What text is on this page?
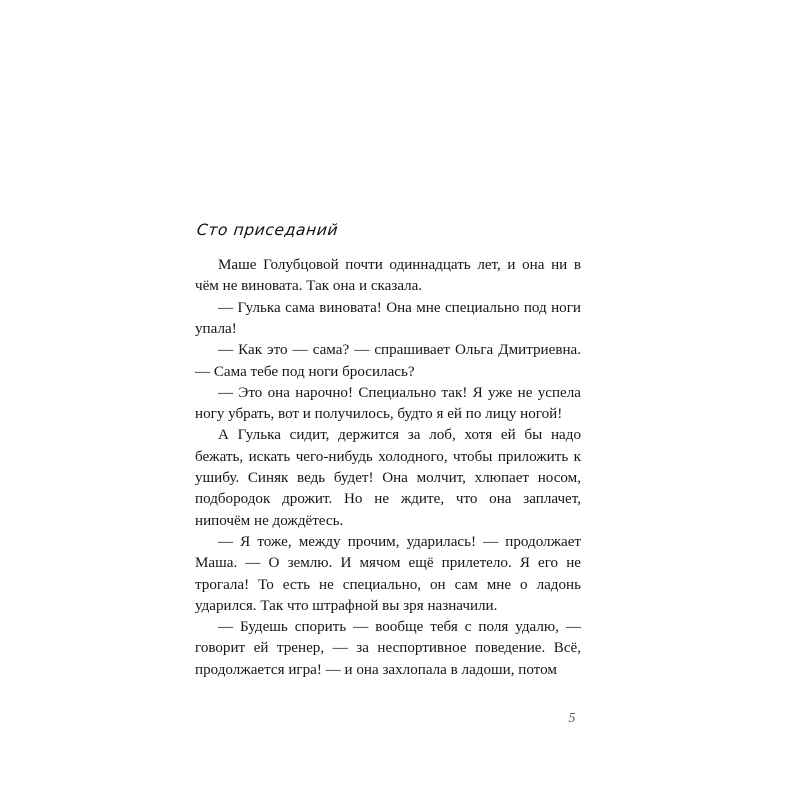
Сто приседаний

Маше Голубцовой почти одиннадцать лет, и она ни в чём не виновата. Так она и сказала.

— Гулька сама виновата! Она мне специально под ноги упала!

— Как это — сама? — спрашивает Ольга Дмитриевна. — Сама тебе под ноги бросилась?

— Это она нарочно! Специально так! Я уже не успела ногу убрать, вот и получилось, будто я ей по лицу ногой!

А Гулька сидит, держится за лоб, хотя ей бы надо бежать, искать чего-нибудь холодного, чтобы приложить к ушибу. Синяк ведь будет! Она молчит, хлюпает носом, подбородок дрожит. Но не ждите, что она заплачет, нипочём не дождётесь.

— Я тоже, между прочим, ударилась! — продолжает Маша. — О землю. И мячом ещё прилетело. Я его не трогала! То есть не специально, он сам мне о ладонь ударился. Так что штрафной вы зря назначили.

— Будешь спорить — вообще тебя с поля удалю, — говорит ей тренер, — за неспортивное поведение. Всё, продолжается игра! — и она захлопала в ладоши, потом

5
